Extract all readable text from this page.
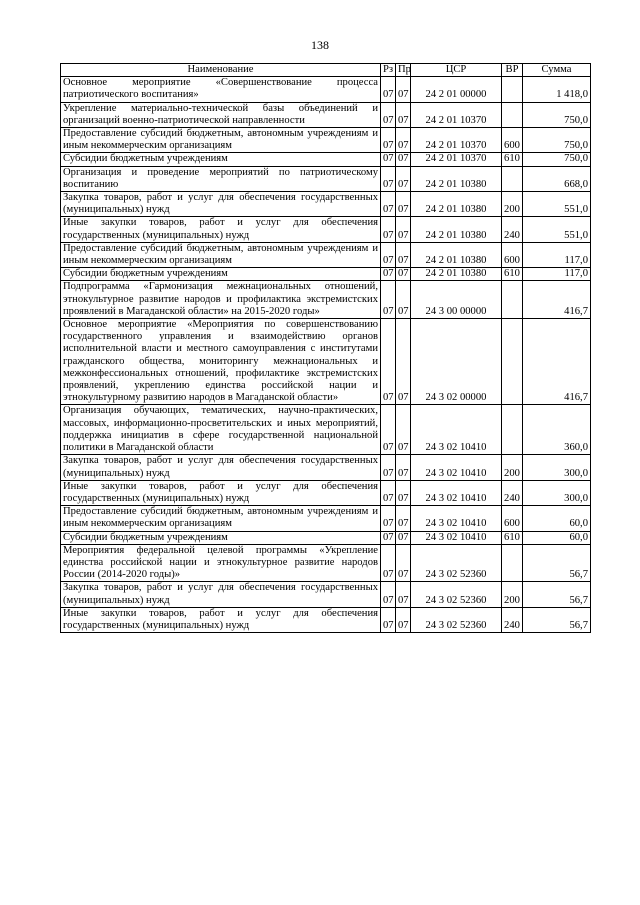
138
Наименование	Рз	Пр	ЦСР	ВР	Сумма
Основное мероприятие «Совершенствование процесса патриотического воспитания»	07	07	24 2 01 00000		1 418,0
Укрепление материально-технической базы объединений и организаций военно-патриотической направленности	07	07	24 2 01 10370		750,0
Предоставление субсидий бюджетным, автономным учреждениям и иным некоммерческим организациям	07	07	24 2 01 10370	600	750,0
Субсидии бюджетным учреждениям	07	07	24 2 01 10370	610	750,0
Организация и проведение мероприятий по патриотическому воспитанию	07	07	24 2 01 10380		668,0
Закупка товаров, работ и услуг для обеспечения государственных (муниципальных) нужд	07	07	24 2 01 10380	200	551,0
Иные закупки товаров, работ и услуг для обеспечения государственных (муниципальных) нужд	07	07	24 2 01 10380	240	551,0
Предоставление субсидий бюджетным, автономным учреждениям и иным некоммерческим организациям	07	07	24 2 01 10380	600	117,0
Субсидии бюджетным учреждениям	07	07	24 2 01 10380	610	117,0
Подпрограмма «Гармонизация межнациональных отношений, этнокультурное развитие народов и профилактика экстремистских проявлений в Магаданской области» на 2015-2020 годы»	07	07	24 3 00 00000		416,7
Основное мероприятие «Мероприятия по совершенствованию государственного управления и взаимодействию органов исполнительной власти и местного самоуправления с институтами гражданского общества, мониторингу межнациональных и межконфессиональных отношений, профилактике экстремистских проявлений, укреплению единства российской нации и этнокультурному развитию народов в Магаданской области»	07	07	24 3 02 00000		416,7
Организация обучающих, тематических, научно-практических, массовых, информационно-просветительских и иных мероприятий, поддержка инициатив в сфере государственной национальной политики в Магаданской области	07	07	24 3 02 10410		360,0
Закупка товаров, работ и услуг для обеспечения государственных (муниципальных) нужд	07	07	24 3 02 10410	200	300,0
Иные закупки товаров, работ и услуг для обеспечения государственных (муниципальных) нужд	07	07	24 3 02 10410	240	300,0
Предоставление субсидий бюджетным, автономным учреждениям и иным некоммерческим организациям	07	07	24 3 02 10410	600	60,0
Субсидии бюджетным учреждениям	07	07	24 3 02 10410	610	60,0
Мероприятия федеральной целевой программы «Укрепление единства российской нации и этнокультурное развитие народов России (2014-2020 годы)»	07	07	24 3 02 52360		56,7
Закупка товаров, работ и услуг для обеспечения государственных (муниципальных) нужд	07	07	24 3 02 52360	200	56,7
Иные закупки товаров, работ и услуг для обеспечения государственных (муниципальных) нужд	07	07	24 3 02 52360	240	56,7
